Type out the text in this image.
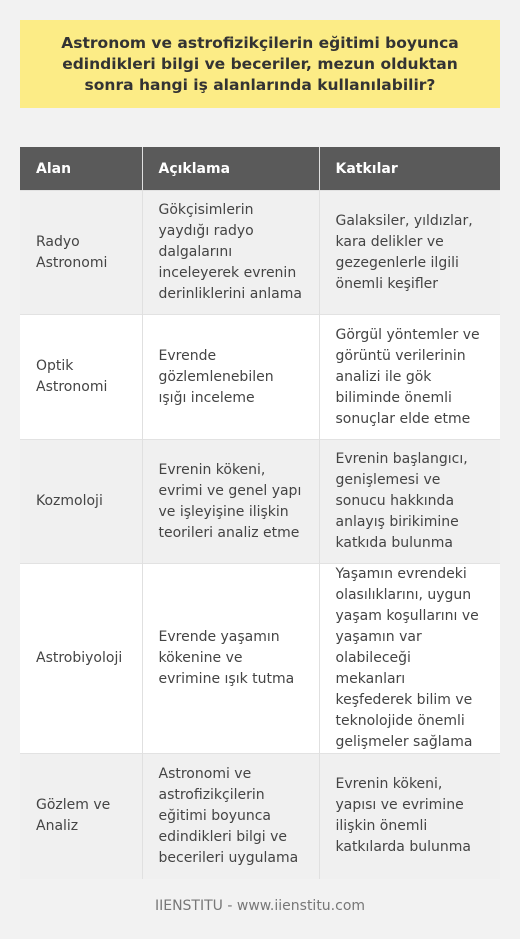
Astronom ve astrofizikçilerin eğitimi boyunca edindikleri bilgi ve beceriler, mezun olduktan sonra hangi iş alanlarında kullanılabilir?

Alan	Açıklama	Katkılar
Radyo Astronomi	Gökçisimlerin yaydığı radyo dalgalarını inceleyerek evrenin derinliklerini anlama	Galaksiler, yıldızlar, kara delikler ve gezegenlerle ilgili önemli keşifler
Optik Astronomi	Evrende gözlemlenebilen ışığı inceleme	Görgül yöntemler ve görüntü verilerinin analizi ile gök biliminde önemli sonuçlar elde etme
Kozmoloji	Evrenin kökeni, evrimi ve genel yapı ve işleyişine ilişkin teorileri analiz etme	Evrenin başlangıcı, genişlemesi ve sonucu hakkında anlayış birikimine katkıda bulunma
Astrobiyoloji	Evrende yaşamın kökenine ve evrimine ışık tutma	Yaşamın evrendeki olasılıklarını, uygun yaşam koşullarını ve yaşamın var olabileceği mekanları keşfederek bilim ve teknolojide önemli gelişmeler sağlama
Gözlem ve Analiz	Astronomi ve astrofizikçilerin eğitimi boyunca edindikleri bilgi ve becerileri uygulama	Evrenin kökeni, yapısı ve evrimine ilişkin önemli katkılarda bulunma
IIENSTITU - www.iienstitu.com
